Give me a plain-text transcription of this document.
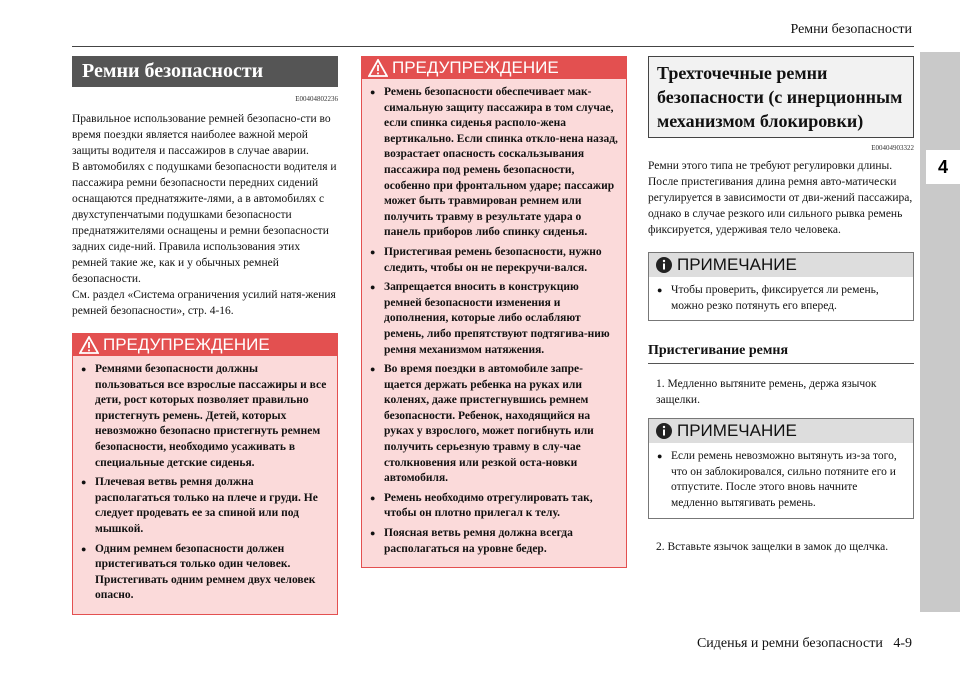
Ремни безопасности
4
Ремни безопасности
E00404802236
Правильное использование ремней безопасно-сти во время поездки является наиболее важной мерой защиты водителя и пассажиров в случае аварии.
В автомобилях с подушками безопасности водителя и пассажира ремни безопасности передних сидений оснащаются преднатяжите-лями, а в автомобилях с двухступенчатыми подушками безопасности преднатяжителями оснащены и ремни безопасности задних сиде-ний. Правила использования этих ремней такие же, как и у обычных ремней безопасности.
См. раздел «Система ограничения усилий натя-жения ремней безопасности», стр. 4-16.
ПРЕДУПРЕЖДЕНИЕ
● Ремнями безопасности должны пользоваться все взрослые пассажиры и все дети, рост которых позволяет правильно пристегнуть ремень. Детей, которых невозможно безопасно пристегнуть ремнем безопасности, необходимо усаживать в специальные детские сиденья.
● Плечевая ветвь ремня должна располагаться только на плече и груди. Не следует продевать ее за спиной или под мышкой.
● Одним ремнем безопасности должен пристегиваться только один человек. Пристегивать одним ремнем двух человек опасно.
ПРЕДУПРЕЖДЕНИЕ
● Ремень безопасности обеспечивает мак-симальную защиту пассажира в том случае, если спинка сиденья располо-жена вертикально. Если спинка откло-нена назад, возрастает опасность соскальзывания пассажира под ремень безопасности, особенно при фронтальном ударе; пассажир может быть травмирован ремнем или получить травму в результате удара о панель приборов либо спинку сиденья.
● Пристегивая ремень безопасности, нужно следить, чтобы он не перекручи-вался.
● Запрещается вносить в конструкцию ремней безопасности изменения и дополнения, которые либо ослабляют ремень, либо препятствуют подтягива-нию ремня механизмом натяжения.
● Во время поездки в автомобиле запре-щается держать ребенка на руках или коленях, даже пристегнувшись ремнем безопасности. Ребенок, находящийся на руках у взрослого, может погибнуть или получить серьезную травму в слу-чае столкновения или резкой оста-новки автомобиля.
● Ремень необходимо отрегулировать так, чтобы он плотно прилегал к телу.
● Поясная ветвь ремня должна всегда располагаться на уровне бедер.
Трехточечные ремни безопасности (с инерционным механизмом блокировки)
E00404903322
Ремни этого типа не требуют регулировки длины. После пристегивания длина ремня авто-матически регулируется в зависимости от дви-жений пассажира, однако в случае резкого или сильного рывка ремень фиксируется, удерживая тело человека.
ПРИМЕЧАНИЕ
● Чтобы проверить, фиксируется ли ремень, можно резко потянуть его вперед.
Пристегивание ремня
1. Медленно вытяните ремень, держа язычок защелки.
ПРИМЕЧАНИЕ
● Если ремень невозможно вытянуть из-за того, что он заблокировался, сильно потяните его и отпустите. После этого вновь начните медленно вытягивать ремень.
2. Вставьте язычок защелки в замок до щелчка.
Сиденья и ремни безопасности   4-9
